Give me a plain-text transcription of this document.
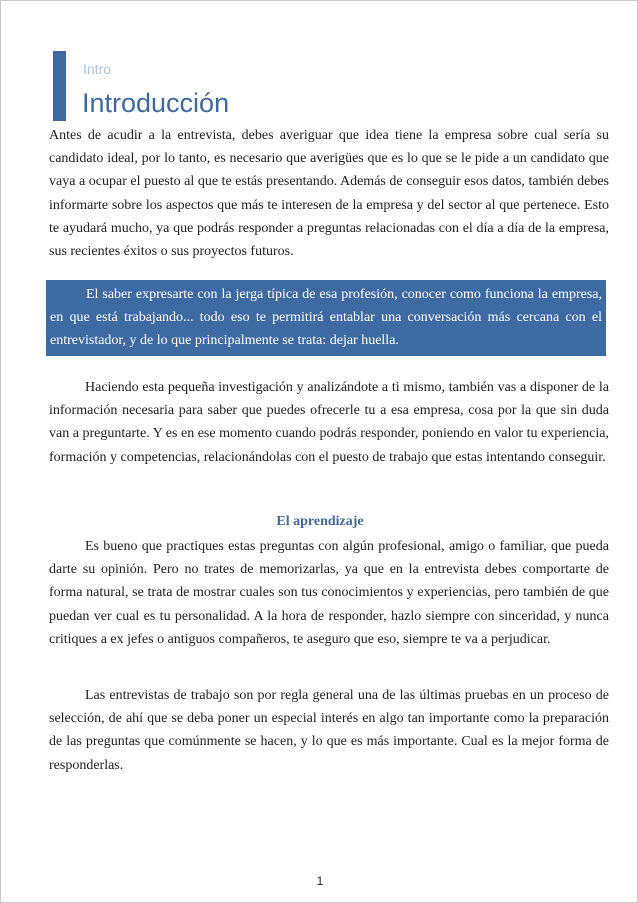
Intro
Introducción

Antes de acudir a la entrevista, debes averiguar que idea tiene la empresa sobre cual sería su candidato ideal, por lo tanto, es necesario que averigües que es lo que se le pide a un candidato que vaya a ocupar el puesto al que te estás presentando. Además de conseguir esos datos, también debes informarte sobre los aspectos que más te interesen de la empresa y del sector al que pertenece. Esto te ayudará mucho, ya que podrás responder a preguntas relacionadas con el día a día de la empresa, sus recientes éxitos o sus proyectos futuros.

El saber expresarte con la jerga típica de esa profesión, conocer como funciona la empresa, en que está trabajando... todo eso te permitirá entablar una conversación más cercana con el entrevistador, y de lo que principalmente se trata: dejar huella.

Haciendo esta pequeña investigación y analizándote a ti mismo, también vas a disponer de la información necesaria para saber que puedes ofrecerle tu a esa empresa, cosa por la que sin duda van a preguntarte. Y es en ese momento cuando podrás responder, poniendo en valor tu experiencia, formación y competencias, relacionándolas con el puesto de trabajo que estas intentando conseguir.

El aprendizaje

Es bueno que practiques estas preguntas con algún profesional, amigo o familiar, que pueda darte su opinión. Pero no trates de memorizarlas, ya que en la entrevista debes comportarte de forma natural, se trata de mostrar cuales son tus conocimientos y experiencias, pero también de que puedan ver cual es tu personalidad. A la hora de responder, hazlo siempre con sinceridad, y nunca critiques a ex jefes o antiguos compañeros, te aseguro que eso, siempre te va a perjudicar.

Las entrevistas de trabajo son por regla general una de las últimas pruebas en un proceso de selección, de ahí que se deba poner un especial interés en algo tan importante como la preparación de las preguntas que comúnmente se hacen, y lo que es más importante. Cual es la mejor forma de responderlas.

1
